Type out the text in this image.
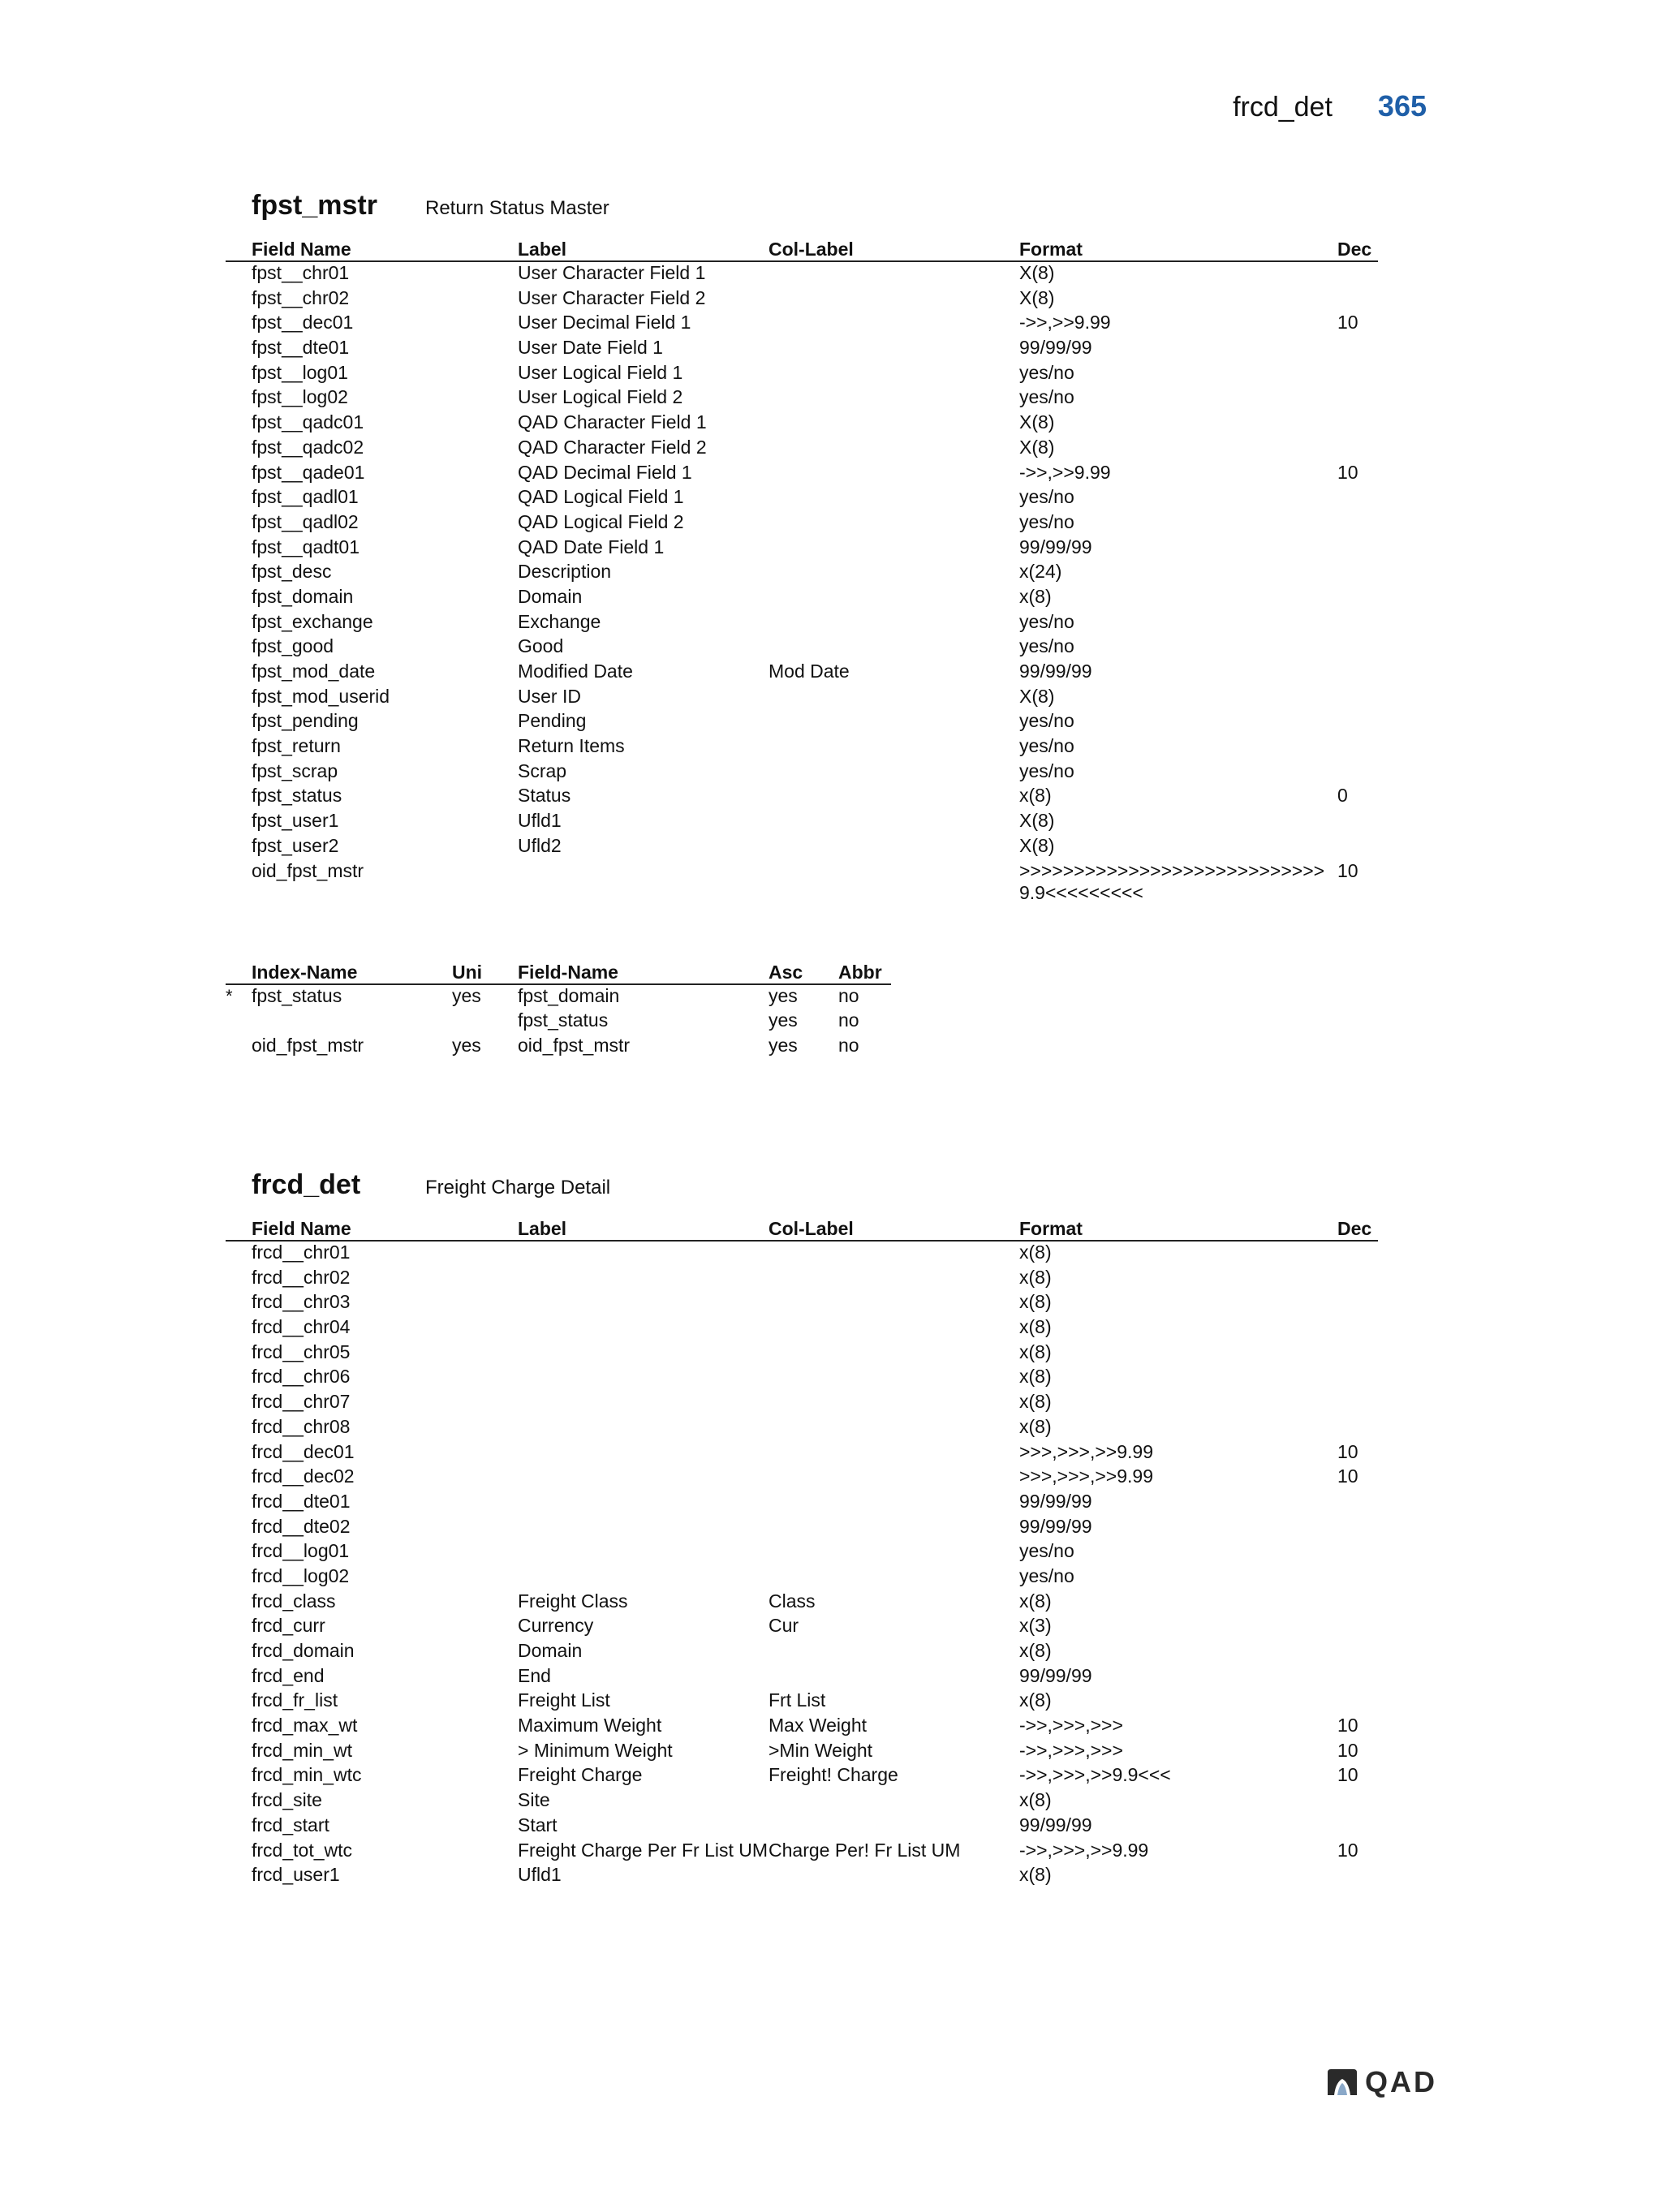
frcd_det 365
fpst_mstr	Return Status Master
Field Name	Label	Col-Label	Format	Dec
fpst__chr01	User Character Field 1		X(8)	
fpst__chr02	User Character Field 2		X(8)	
fpst__dec01	User Decimal Field 1		->>,>>9.99	10
fpst__dte01	User Date Field 1		99/99/99	
fpst__log01	User Logical Field 1		yes/no	
fpst__log02	User Logical Field 2		yes/no	
fpst__qadc01	QAD Character Field 1		X(8)	
fpst__qadc02	QAD Character Field 2		X(8)	
fpst__qade01	QAD Decimal Field 1		->>,>>9.99	10
fpst__qadl01	QAD Logical Field 1		yes/no	
fpst__qadl02	QAD Logical Field 2		yes/no	
fpst__qadt01	QAD Date Field 1		99/99/99	
fpst_desc	Description		x(24)	
fpst_domain	Domain		x(8)	
fpst_exchange	Exchange		yes/no	
fpst_good	Good		yes/no	
fpst_mod_date	Modified Date	Mod Date	99/99/99	
fpst_mod_userid	User ID		X(8)	
fpst_pending	Pending		yes/no	
fpst_return	Return Items		yes/no	
fpst_scrap	Scrap		yes/no	
fpst_status	Status		x(8)	0
fpst_user1	Ufld1		X(8)	
fpst_user2	Ufld2		X(8)	
oid_fpst_mstr			>>>>>>>>>>>>>>>>>>>>>>>>>>>>9.9<<<<<<<<<	10
	Index-Name	Uni	Field-Name	Asc	Abbr
*	fpst_status	yes	fpst_domain	yes	no
			fpst_status	yes	no
	oid_fpst_mstr	yes	oid_fpst_mstr	yes	no
frcd_det	Freight Charge Detail
Field Name	Label	Col-Label	Format	Dec
frcd__chr01			x(8)	
frcd__chr02			x(8)	
frcd__chr03			x(8)	
frcd__chr04			x(8)	
frcd__chr05			x(8)	
frcd__chr06			x(8)	
frcd__chr07			x(8)	
frcd__chr08			x(8)	
frcd__dec01			>>>,>>>,>>9.99	10
frcd__dec02			>>>,>>>,>>9.99	10
frcd__dte01			99/99/99	
frcd__dte02			99/99/99	
frcd__log01			yes/no	
frcd__log02			yes/no	
frcd_class	Freight Class	Class	x(8)	
frcd_curr	Currency	Cur	x(3)	
frcd_domain	Domain		x(8)	
frcd_end	End		99/99/99	
frcd_fr_list	Freight List	Frt List	x(8)	
frcd_max_wt	Maximum Weight	Max Weight	->>,>>>,>>>	10
frcd_min_wt	> Minimum Weight	>Min Weight	->>,>>>,>>>	10
frcd_min_wtc	Freight Charge	Freight! Charge	->>,>>>,>>9.9<<<	10
frcd_site	Site		x(8)	
frcd_start	Start		99/99/99	
frcd_tot_wtc	Freight Charge Per Fr List UM	Charge Per! Fr List UM	->>,>>>,>>9.99	10
frcd_user1	Ufld1		x(8)	
QAD
